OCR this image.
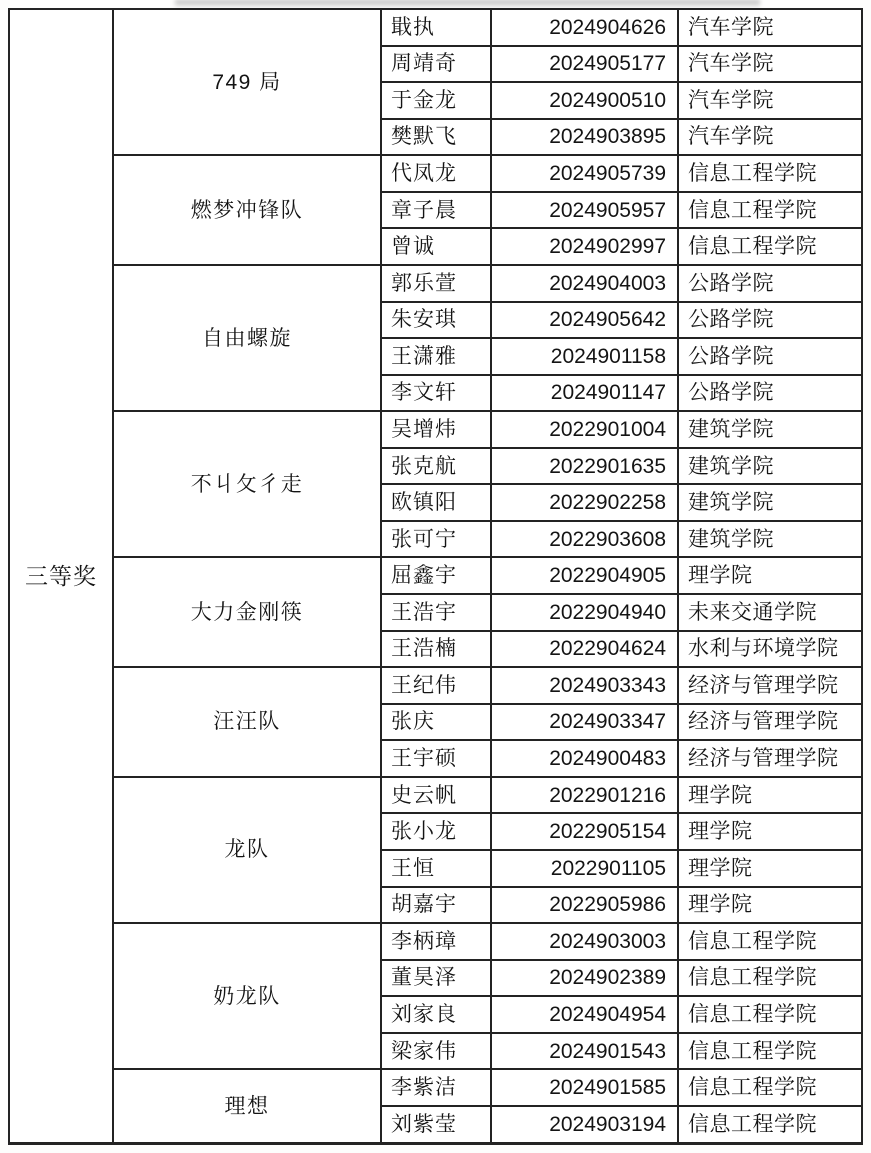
三等奖	749 局	戢执	2024904626	汽车学院
		周靖奇	2024905177	汽车学院
		于金龙	2024900510	汽车学院
		樊默飞	2024903895	汽车学院
	燃梦冲锋队	代凤龙	2024905739	信息工程学院
		章子晨	2024905957	信息工程学院
		曾诚	2024902997	信息工程学院
	自由螺旋	郭乐萱	2024904003	公路学院
		朱安琪	2024905642	公路学院
		王潇雅	2024901158	公路学院
		李文轩	2024901147	公路学院
	不丩攵彳走	吴增炜	2022901004	建筑学院
		张克航	2022901635	建筑学院
		欧镇阳	2022902258	建筑学院
		张可宁	2022903608	建筑学院
	大力金刚筷	屈鑫宇	2022904905	理学院
		王浩宇	2022904940	未来交通学院
		王浩楠	2022904624	水利与环境学院
	汪汪队	王纪伟	2024903343	经济与管理学院
		张庆	2024903347	经济与管理学院
		王宇硕	2024900483	经济与管理学院
	龙队	史云帆	2022901216	理学院
		张小龙	2022905154	理学院
		王恒	2022901105	理学院
		胡嘉宇	2022905986	理学院
	奶龙队	李柄璋	2024903003	信息工程学院
		董昊泽	2024902389	信息工程学院
		刘家良	2024904954	信息工程学院
		梁家伟	2024901543	信息工程学院
	理想	李紫洁	2024901585	信息工程学院
		刘紫莹	2024903194	信息工程学院
